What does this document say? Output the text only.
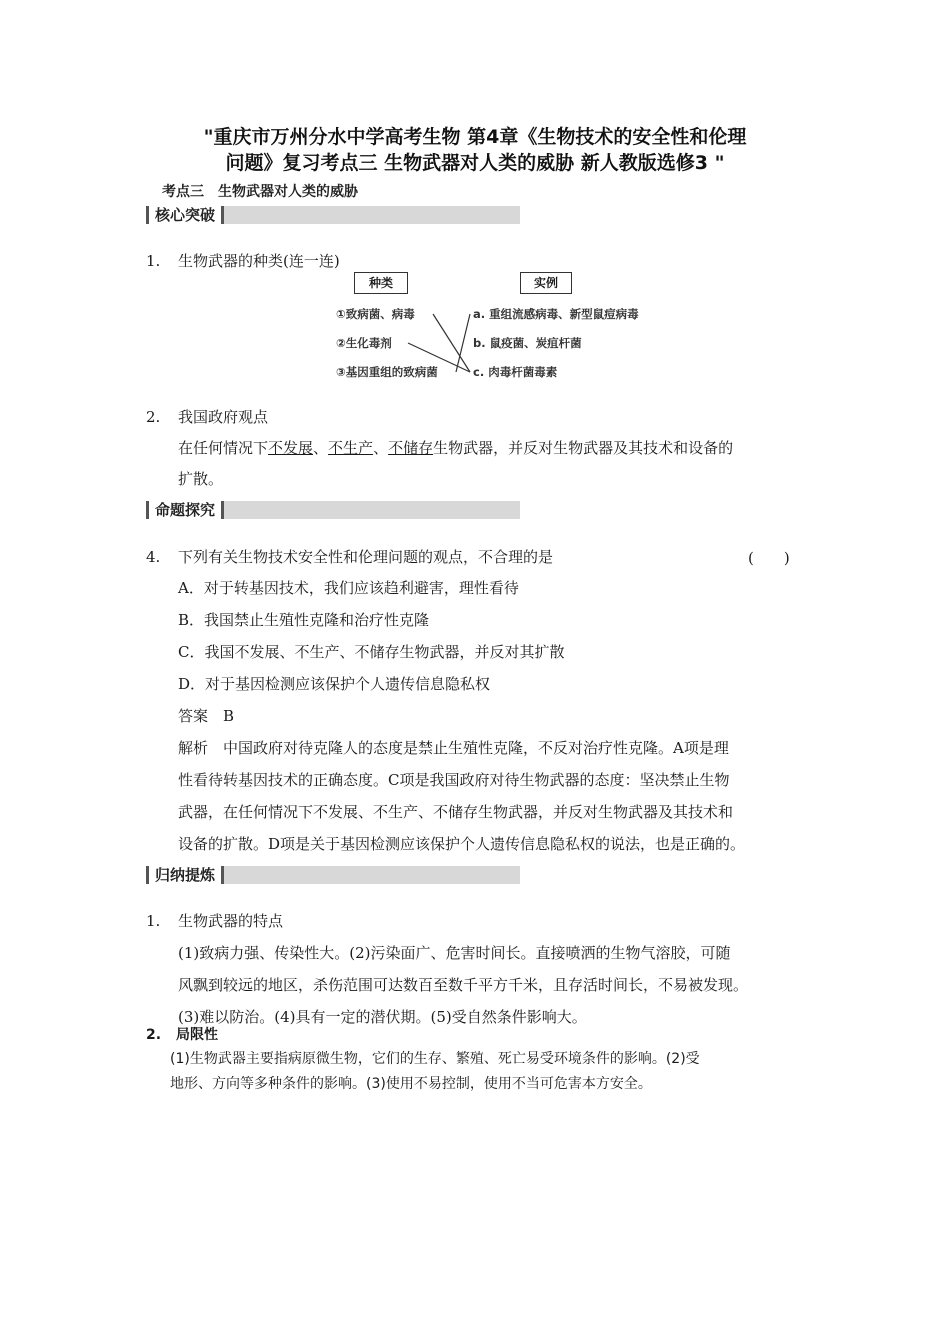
"重庆市万州分水中学高考生物 第4章《生物技术的安全性和伦理
问题》复习考点三 生物武器对人类的威胁 新人教版选修3 "
考点三　生物武器对人类的威胁
核心突破
1. 生物武器的种类(连一连)
种类	实例
①致病菌、病毒
②生化毒剂
③基因重组的致病菌
a. 重组流感病毒、新型鼠痘病毒
b. 鼠疫菌、炭疽杆菌
c. 肉毒杆菌毒素
2. 我国政府观点
在任何情况下不发展、不生产、不储存生物武器，并反对生物武器及其技术和设备的
扩散。
命题探究
4. 下列有关生物技术安全性和伦理问题的观点，不合理的是	(　　)
A．对于转基因技术，我们应该趋利避害，理性看待
B．我国禁止生殖性克隆和治疗性克隆
C．我国不发展、不生产、不储存生物武器，并反对其扩散
D．对于基因检测应该保护个人遗传信息隐私权
答案　B
解析　中国政府对待克隆人的态度是禁止生殖性克隆，不反对治疗性克隆。A项是理
性看待转基因技术的正确态度。C项是我国政府对待生物武器的态度：坚决禁止生物
武器，在任何情况下不发展、不生产、不储存生物武器，并反对生物武器及其技术和
设备的扩散。D项是关于基因检测应该保护个人遗传信息隐私权的说法，也是正确的。
归纳提炼
1. 生物武器的特点
(1)致病力强、传染性大。(2)污染面广、危害时间长。直接喷洒的生物气溶胶，可随
风飘到较远的地区，杀伤范围可达数百至数千平方千米，且存活时间长，不易被发现。
(3)难以防治。(4)具有一定的潜伏期。(5)受自然条件影响大。
2. 局限性
(1)生物武器主要指病原微生物，它们的生存、繁殖、死亡易受环境条件的影响。(2)受
地形、方向等多种条件的影响。(3)使用不易控制，使用不当可危害本方安全。
